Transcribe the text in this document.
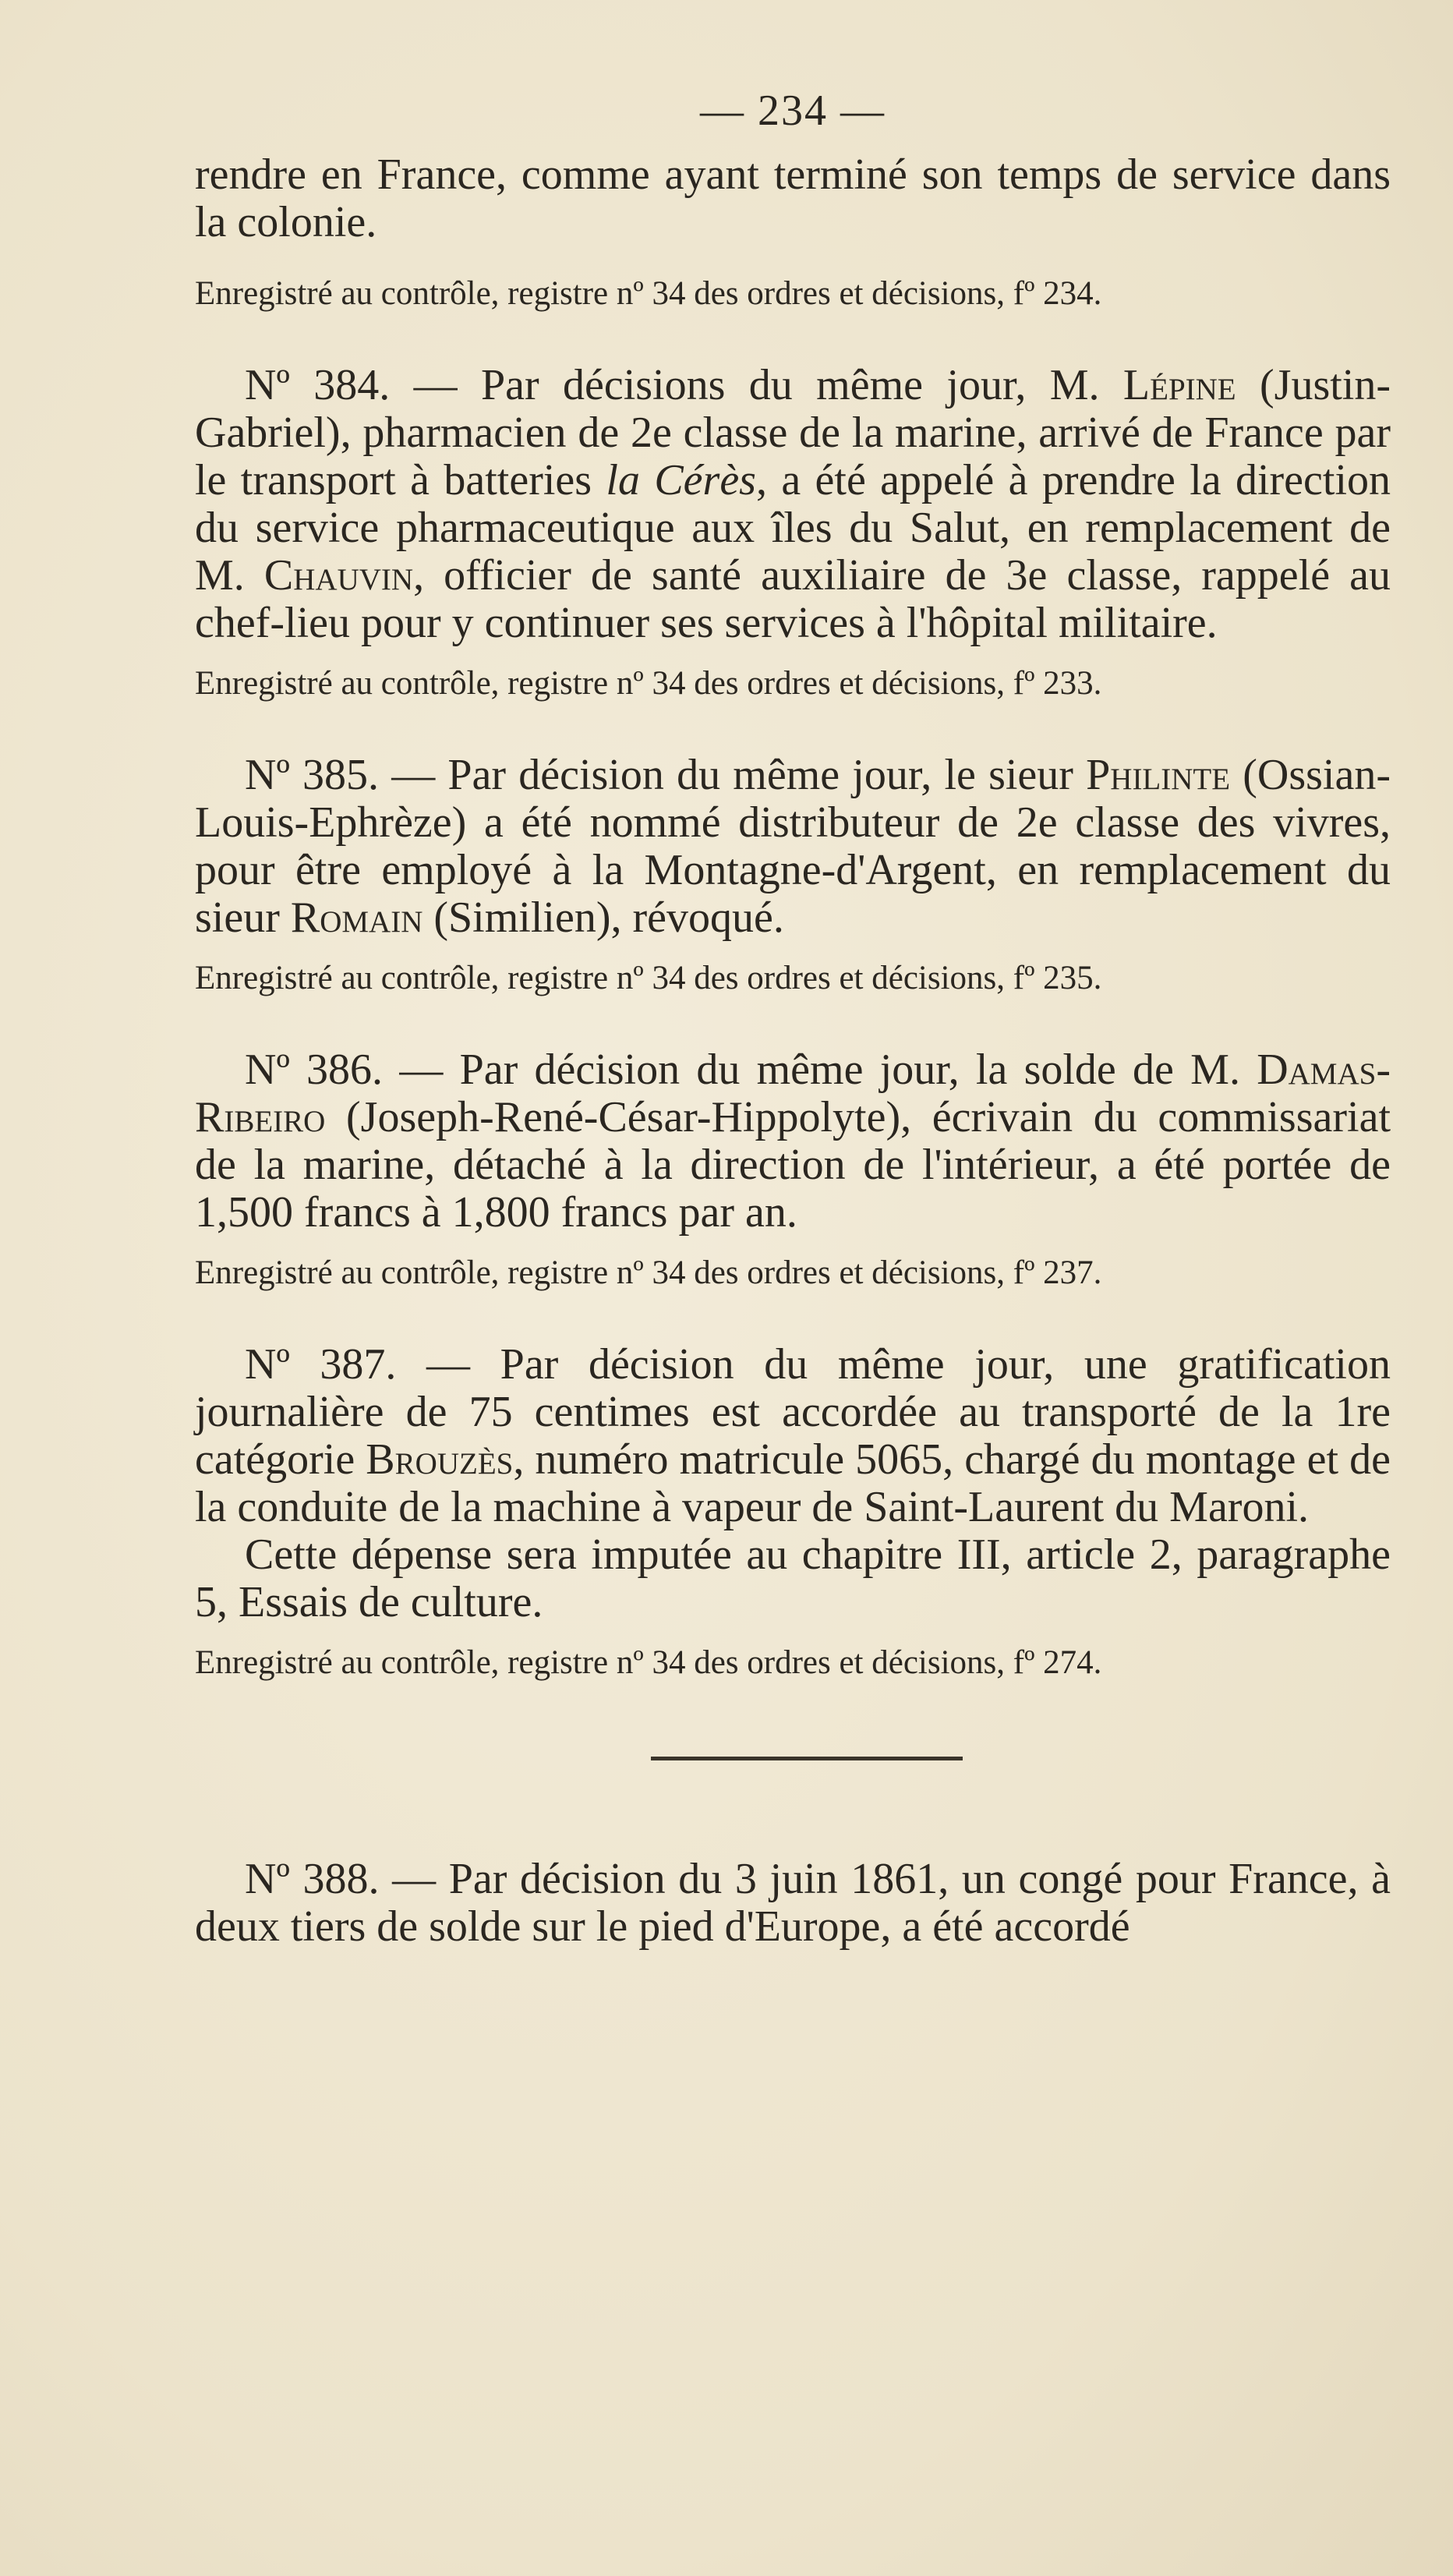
— 234 —

rendre en France, comme ayant terminé son temps de service dans la colonie.

Enregistré au contrôle, registre nº 34 des ordres et décisions, fº 234.

Nº 384. — Par décisions du même jour, M. Lépine (Justin-Gabriel), pharmacien de 2e classe de la marine, arrivé de France par le transport à batteries la Cérès, a été appelé à prendre la direction du service pharmaceutique aux îles du Salut, en remplacement de M. Chauvin, officier de santé auxiliaire de 3e classe, rappelé au chef-lieu pour y continuer ses services à l'hôpital militaire.

Enregistré au contrôle, registre nº 34 des ordres et décisions, fº 233.

Nº 385. — Par décision du même jour, le sieur Philinte (Ossian-Louis-Ephrèze) a été nommé distributeur de 2e classe des vivres, pour être employé à la Montagne-d'Argent, en remplacement du sieur Romain (Similien), révoqué.

Enregistré au contrôle, registre nº 34 des ordres et décisions, fº 235.

Nº 386. — Par décision du même jour, la solde de M. Damas-Ribeiro (Joseph-René-César-Hippolyte), écrivain du commissariat de la marine, détaché à la direction de l'intérieur, a été portée de 1,500 francs à 1,800 francs par an.

Enregistré au contrôle, registre nº 34 des ordres et décisions, fº 237.

Nº 387. — Par décision du même jour, une gratification journalière de 75 centimes est accordée au transporté de la 1re catégorie Brouzès, numéro matricule 5065, chargé du montage et de la conduite de la machine à vapeur de Saint-Laurent du Maroni.

Cette dépense sera imputée au chapitre III, article 2, paragraphe 5, Essais de culture.

Enregistré au contrôle, registre nº 34 des ordres et décisions, fº 274.

Nº 388. — Par décision du 3 juin 1861, un congé pour France, à deux tiers de solde sur le pied d'Europe, a été accordé
